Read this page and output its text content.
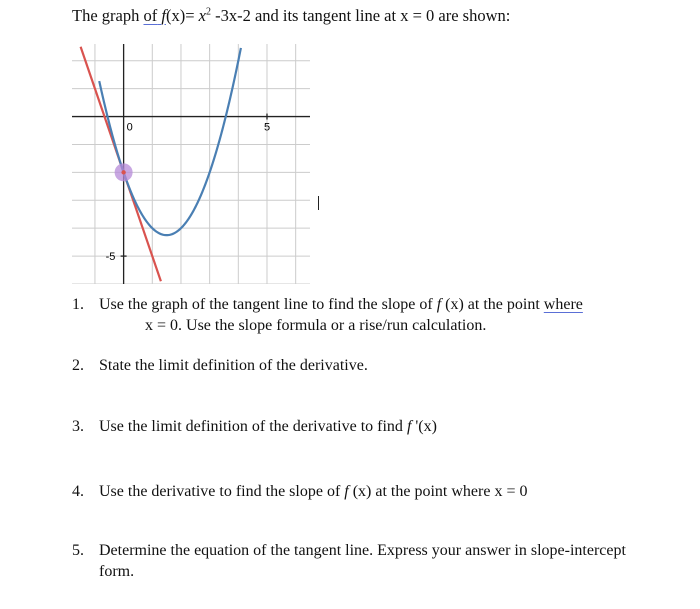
The graph of $f(x)= x^2$ -3x-2 and its tangent line at x = 0 are shown:
0	5
-5
1. Use the graph of the tangent line to find the slope of f (x) at the point where
x = 0. Use the slope formula or a rise/run calculation.
2. State the limit definition of the derivative.
3. Use the limit definition of the derivative to find f '(x)
4. Use the derivative to find the slope of f (x) at the point where x = 0
5. Determine the equation of the tangent line. Express your answer in slope-intercept
form.
